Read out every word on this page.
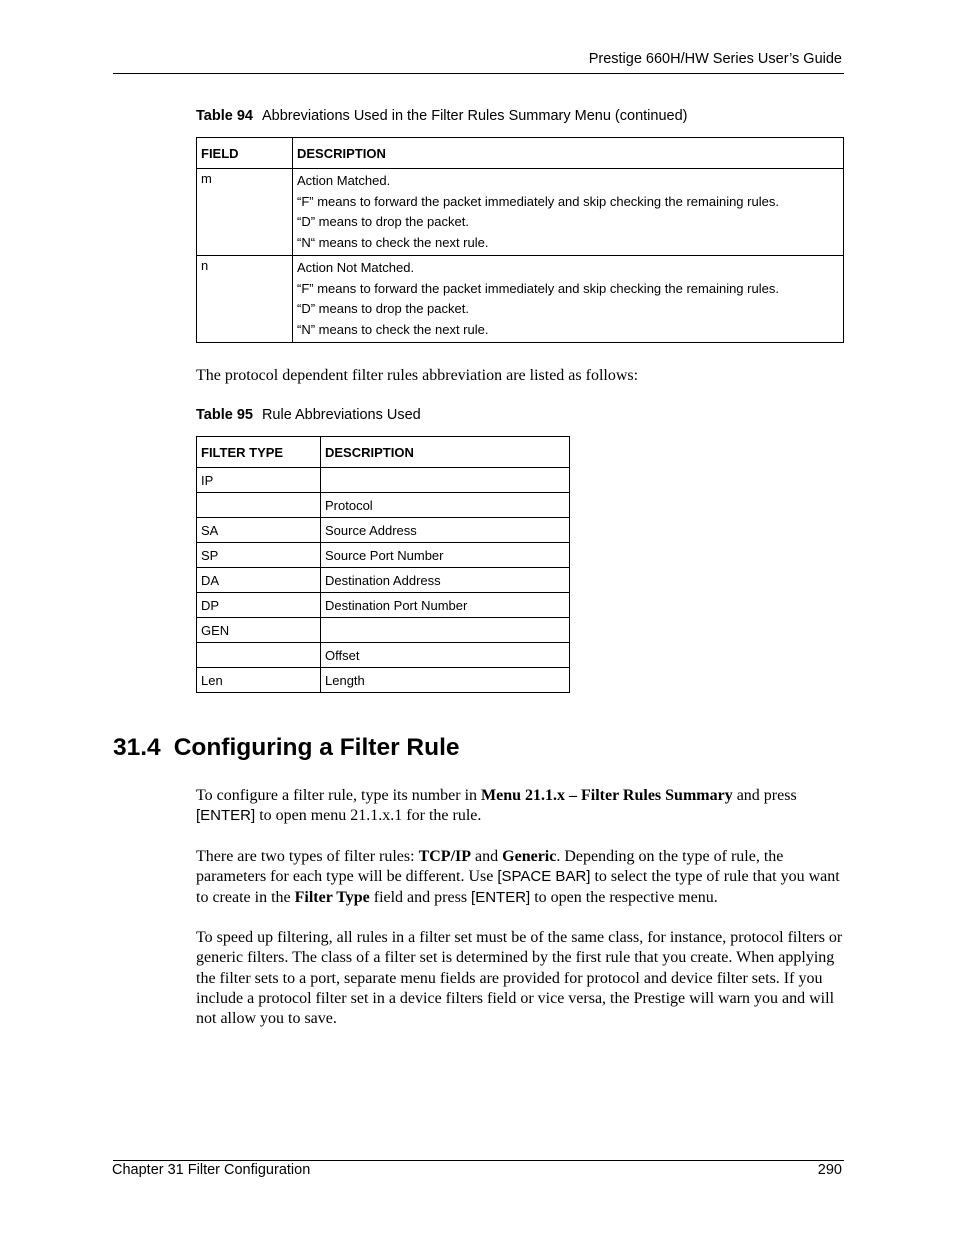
Prestige 660H/HW Series User’s Guide
Table 94 Abbreviations Used in the Filter Rules Summary Menu (continued)
FIELD	DESCRIPTION
m	Action Matched.
“F” means to forward the packet immediately and skip checking the remaining rules.
“D” means to drop the packet.
“N“ means to check the next rule.

n	Action Not Matched.
“F” means to forward the packet immediately and skip checking the remaining rules.
“D” means to drop the packet.
“N” means to check the next rule.
The protocol dependent filter rules abbreviation are listed as follows:
Table 95 Rule Abbreviations Used
FILTER TYPE	DESCRIPTION
IP	
	Protocol
SA	Source Address
SP	Source Port Number
DA	Destination Address
DP	Destination Port Number
GEN	
	Offset
Len	Length
31.4 Configuring a Filter Rule
To configure a filter rule, type its number in Menu 21.1.x – Filter Rules Summary and press [ENTER] to open menu 21.1.x.1 for the rule.
There are two types of filter rules: TCP/IP and Generic. Depending on the type of rule, the parameters for each type will be different. Use [SPACE BAR] to select the type of rule that you want to create in the Filter Type field and press [ENTER] to open the respective menu.
To speed up filtering, all rules in a filter set must be of the same class, for instance, protocol filters or generic filters. The class of a filter set is determined by the first rule that you create. When applying the filter sets to a port, separate menu fields are provided for protocol and device filter sets. If you include a protocol filter set in a device filters field or vice versa, the Prestige will warn you and will not allow you to save.
Chapter 31 Filter Configuration	290
